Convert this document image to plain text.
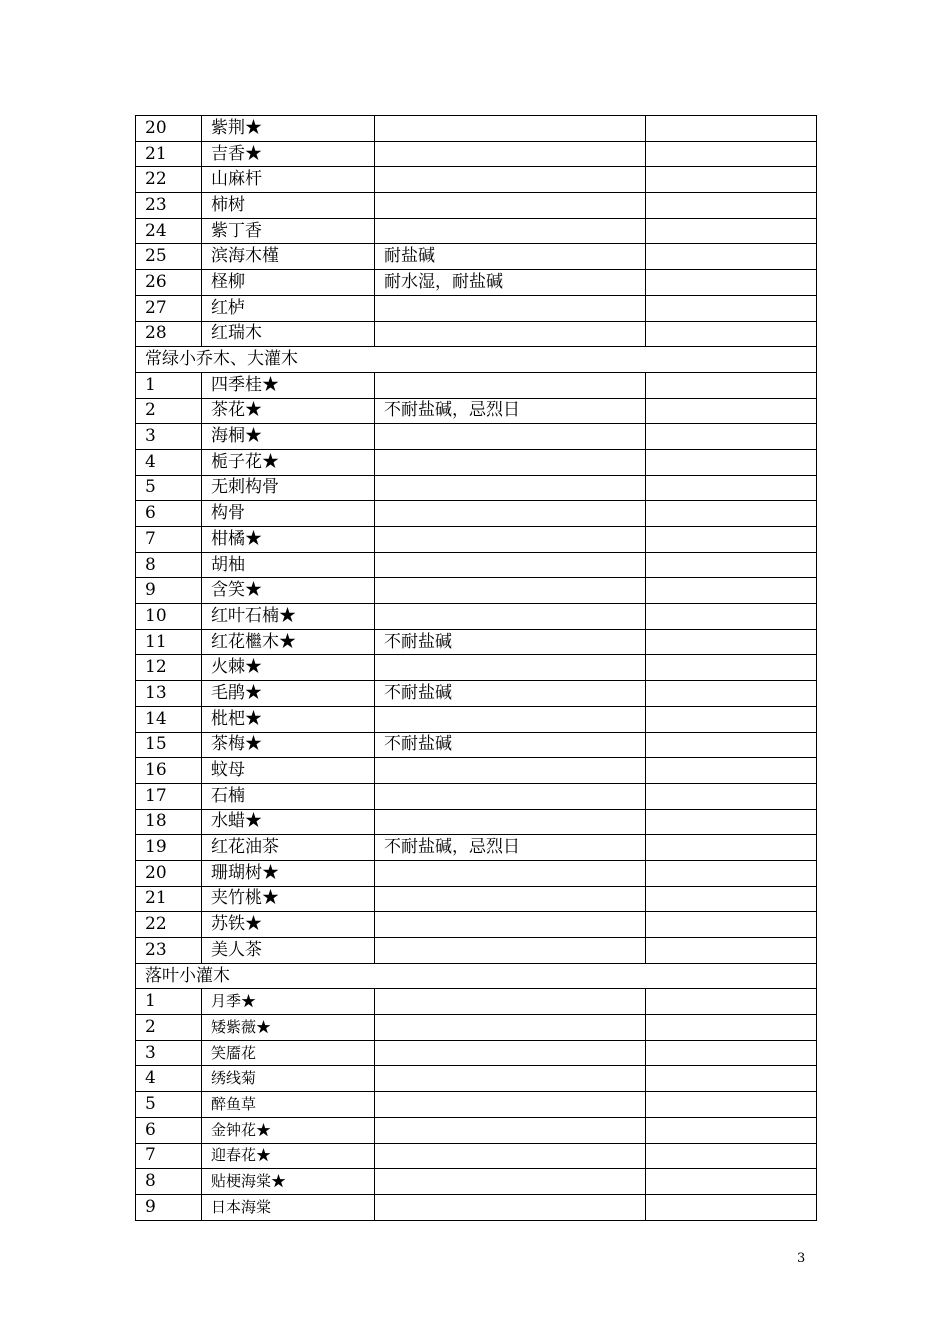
20	紫荆★		
21	吉香★		
22	山麻杆		
23	柿树		
24	紫丁香		
25	滨海木槿	耐盐碱	
26	柽柳	耐水湿，耐盐碱	
27	红栌		
28	红瑞木		
常绿小乔木、大灌木			
1	四季桂★		
2	茶花★	不耐盐碱，忌烈日	
3	海桐★		
4	栀子花★		
5	无刺构骨		
6	构骨		
7	柑橘★		
8	胡柚		
9	含笑★		
10	红叶石楠★		
11	红花檵木★	不耐盐碱	
12	火棘★		
13	毛鹃★	不耐盐碱	
14	枇杷★		
15	茶梅★	不耐盐碱	
16	蚊母		
17	石楠		
18	水蜡★		
19	红花油茶	不耐盐碱，忌烈日	
20	珊瑚树★		
21	夹竹桃★		
22	苏铁★		
23	美人茶		
落叶小灌木			
1	月季★		
2	矮紫薇★		
3	笑靥花		
4	绣线菊		
5	醉鱼草		
6	金钟花★		
7	迎春花★		
8	贴梗海棠★		
9	日本海棠		
3
